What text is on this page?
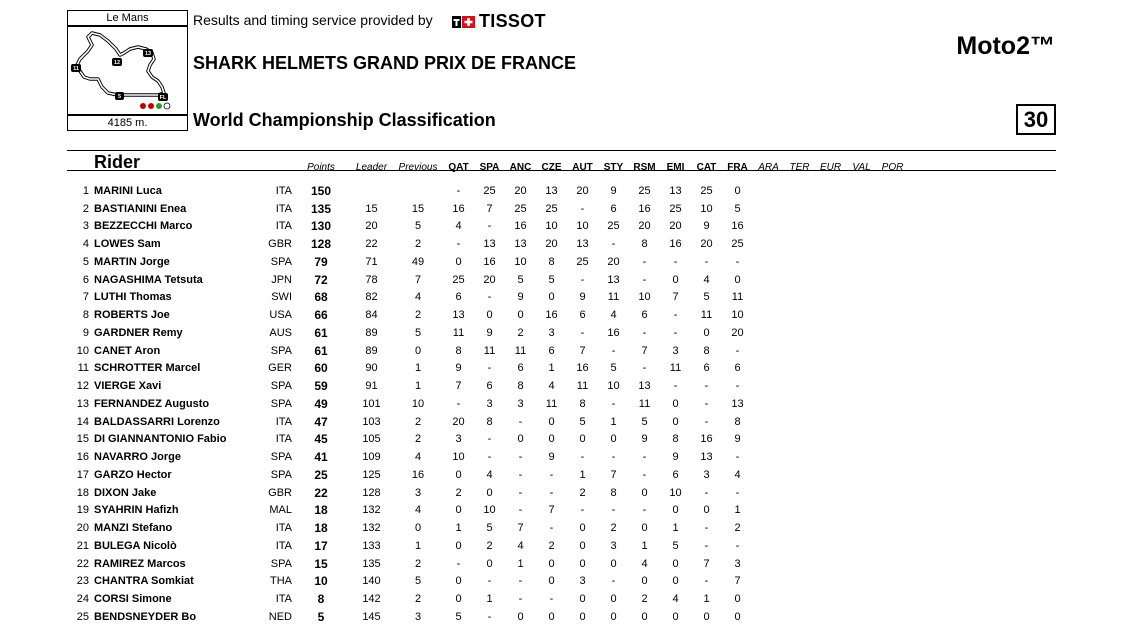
Le Mans
13
11
12
5	FL
4185 m.
Results and timing service provided by	TISSOT
SHARK HELMETS GRAND PRIX DE FRANCE
World Championship Classification
Moto2™
30
Rider			Points	Leader	Previous	QAT	SPA	ANC	CZE	AUT	STY	RSM	EMI	CAT	FRA	ARA	TER	EUR	VAL	POR
1	MARINI Luca	ITA	150			-	25	20	13	20	9	25	13	25	0					
2	BASTIANINI Enea	ITA	135	15	15	16	7	25	25	-	6	16	25	10	5					
3	BEZZECCHI Marco	ITA	130	20	5	4	-	16	10	10	25	20	20	9	16					
4	LOWES Sam	GBR	128	22	2	-	13	13	20	13	-	8	16	20	25					
5	MARTIN Jorge	SPA	79	71	49	0	16	10	8	25	20	-	-	-	-					
6	NAGASHIMA Tetsuta	JPN	72	78	7	25	20	5	5	-	13	-	0	4	0					
7	LUTHI Thomas	SWI	68	82	4	6	-	9	0	9	11	10	7	5	11					
8	ROBERTS Joe	USA	66	84	2	13	0	0	16	6	4	6	-	11	10					
9	GARDNER Remy	AUS	61	89	5	11	9	2	3	-	16	-	-	0	20					
10	CANET Aron	SPA	61	89	0	8	11	11	6	7	-	7	3	8	-					
11	SCHROTTER Marcel	GER	60	90	1	9	-	6	1	16	5	-	11	6	6					
12	VIERGE Xavi	SPA	59	91	1	7	6	8	4	11	10	13	-	-	-					
13	FERNANDEZ Augusto	SPA	49	101	10	-	3	3	11	8	-	11	0	-	13					
14	BALDASSARRI Lorenzo	ITA	47	103	2	20	8	-	0	5	1	5	0	-	8					
15	DI GIANNANTONIO Fabio	ITA	45	105	2	3	-	0	0	0	0	9	8	16	9					
16	NAVARRO Jorge	SPA	41	109	4	10	-	-	9	-	-	-	9	13	-					
17	GARZO Hector	SPA	25	125	16	0	4	-	-	1	7	-	6	3	4					
18	DIXON Jake	GBR	22	128	3	2	0	-	-	2	8	0	10	-	-					
19	SYAHRIN Hafizh	MAL	18	132	4	0	10	-	7	-	-	-	0	0	1					
20	MANZI Stefano	ITA	18	132	0	1	5	7	-	0	2	0	1	-	2					
21	BULEGA Nicolò	ITA	17	133	1	0	2	4	2	0	3	1	5	-	-					
22	RAMIREZ Marcos	SPA	15	135	2	-	0	1	0	0	0	4	0	7	3					
23	CHANTRA Somkiat	THA	10	140	5	0	-	-	0	3	-	0	0	-	7					
24	CORSI Simone	ITA	8	142	2	0	1	-	-	0	0	2	4	1	0					
25	BENDSNEYDER Bo	NED	5	145	3	5	-	0	0	0	0	0	0	0	0					
